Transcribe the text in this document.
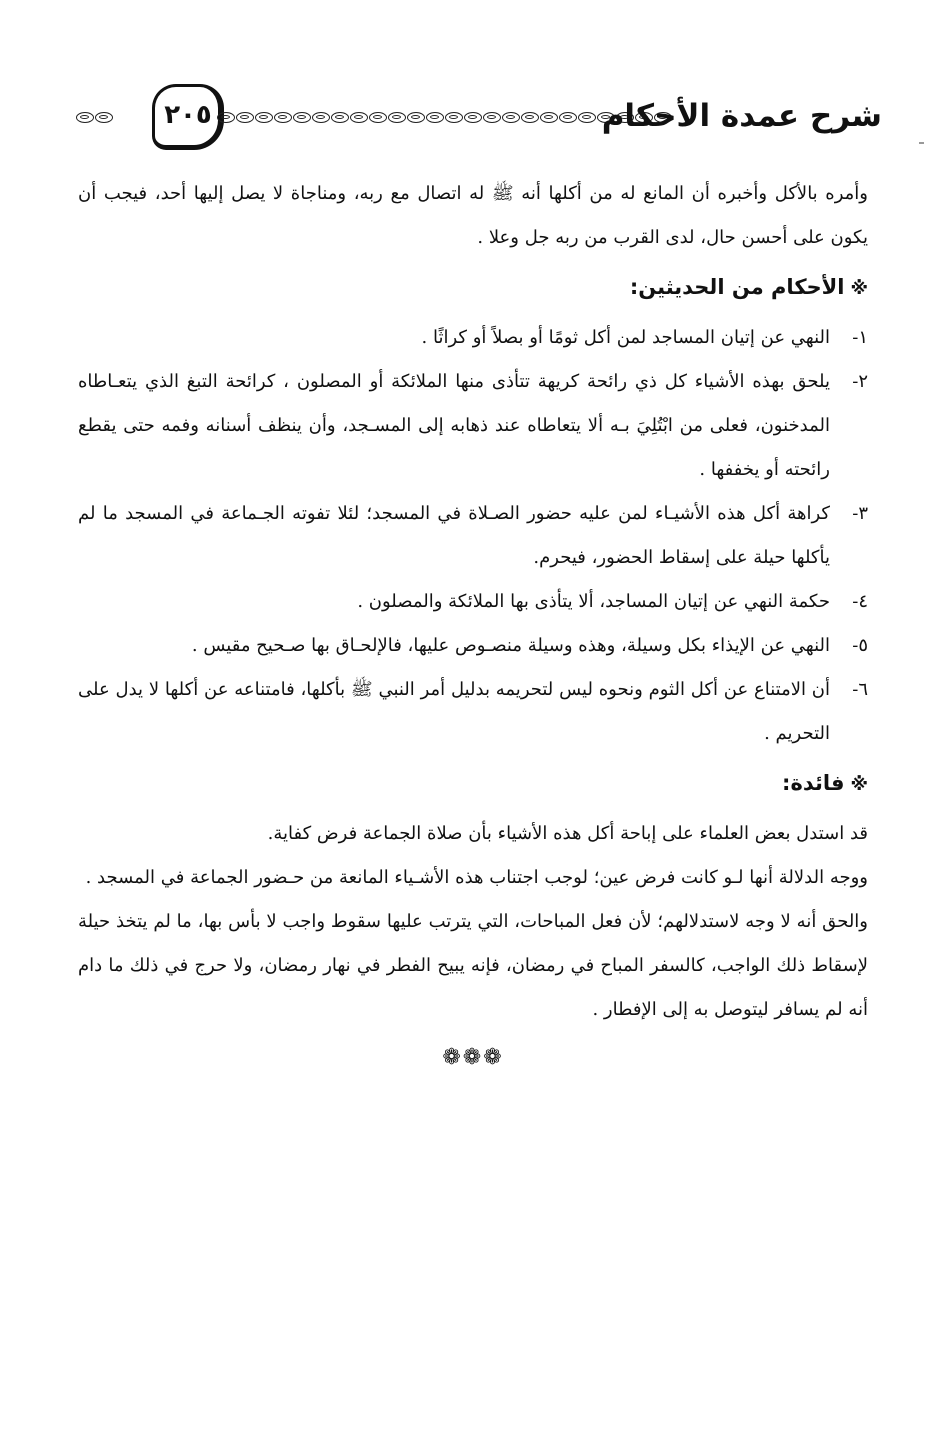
٢٠٥	شرح عمدة الأحكام

وأمره بالأكل وأخبره أن المانع له من أكلها أنه ﷺ له اتصال مع ربه، ومناجاة لا يصل إليها أحد، فيجب أن يكون على أحسن حال، لدى القرب من ربه جل وعلا .

※الأحكام من الحديثين:
١-
النهي عن إتيان المساجد لمن أكل ثومًا أو بصلاً أو كراثًا .
٢-
يلحق بهذه الأشياء كل ذي رائحة كريهة تتأذى منها الملائكة أو المصلون ، كرائحة التبغ الذي يتعـاطاه المدخنون، فعلى من ابْتُلِيَ بـه ألا يتعاطاه عند ذهابه إلى المسـجد، وأن ينظف أسنانه وفمه حتى يقطع رائحته أو يخففها .
٣-
كراهة أكل هذه الأشيـاء لمن عليه حضور الصـلاة في المسجد؛ لئلا تفوته الجـماعة في المسجد ما لم يأكلها حيلة على إسقاط الحضور، فيحرم.
٤-
حكمة النهي عن إتيان المساجد، ألا يتأذى بها الملائكة والمصلون .
٥-
النهي عن الإيذاء بكل وسيلة، وهذه وسيلة منصـوص عليها، فالإلحـاق بها صـحيح مقيس .
٦-
أن الامتناع عن أكل الثوم ونحوه ليس لتحريمه بدليل أمر النبي ﷺ بأكلها، فامتناعه عن أكلها لا يدل على التحريم .
※فائدة:

قد استدل بعض العلماء على إباحة أكل هذه الأشياء بأن صلاة الجماعة فرض كفاية.

ووجه الدلالة أنها لـو كانت فرض عين؛ لوجب اجتناب هذه الأشـياء المانعة من حـضور الجماعة في المسجد .

والحق أنه لا وجه لاستدلالهم؛ لأن فعل المباحات، التي يترتب عليها سقوط واجب لا بأس بها، ما لم يتخذ حيلة لإسقاط ذلك الواجب، كالسفر المباح في رمضان، فإنه يبيح الفطر في نهار رمضان، ولا حرج في ذلك ما دام أنه لم يسافر ليتوصل به إلى الإفطار .

❁❁❁
